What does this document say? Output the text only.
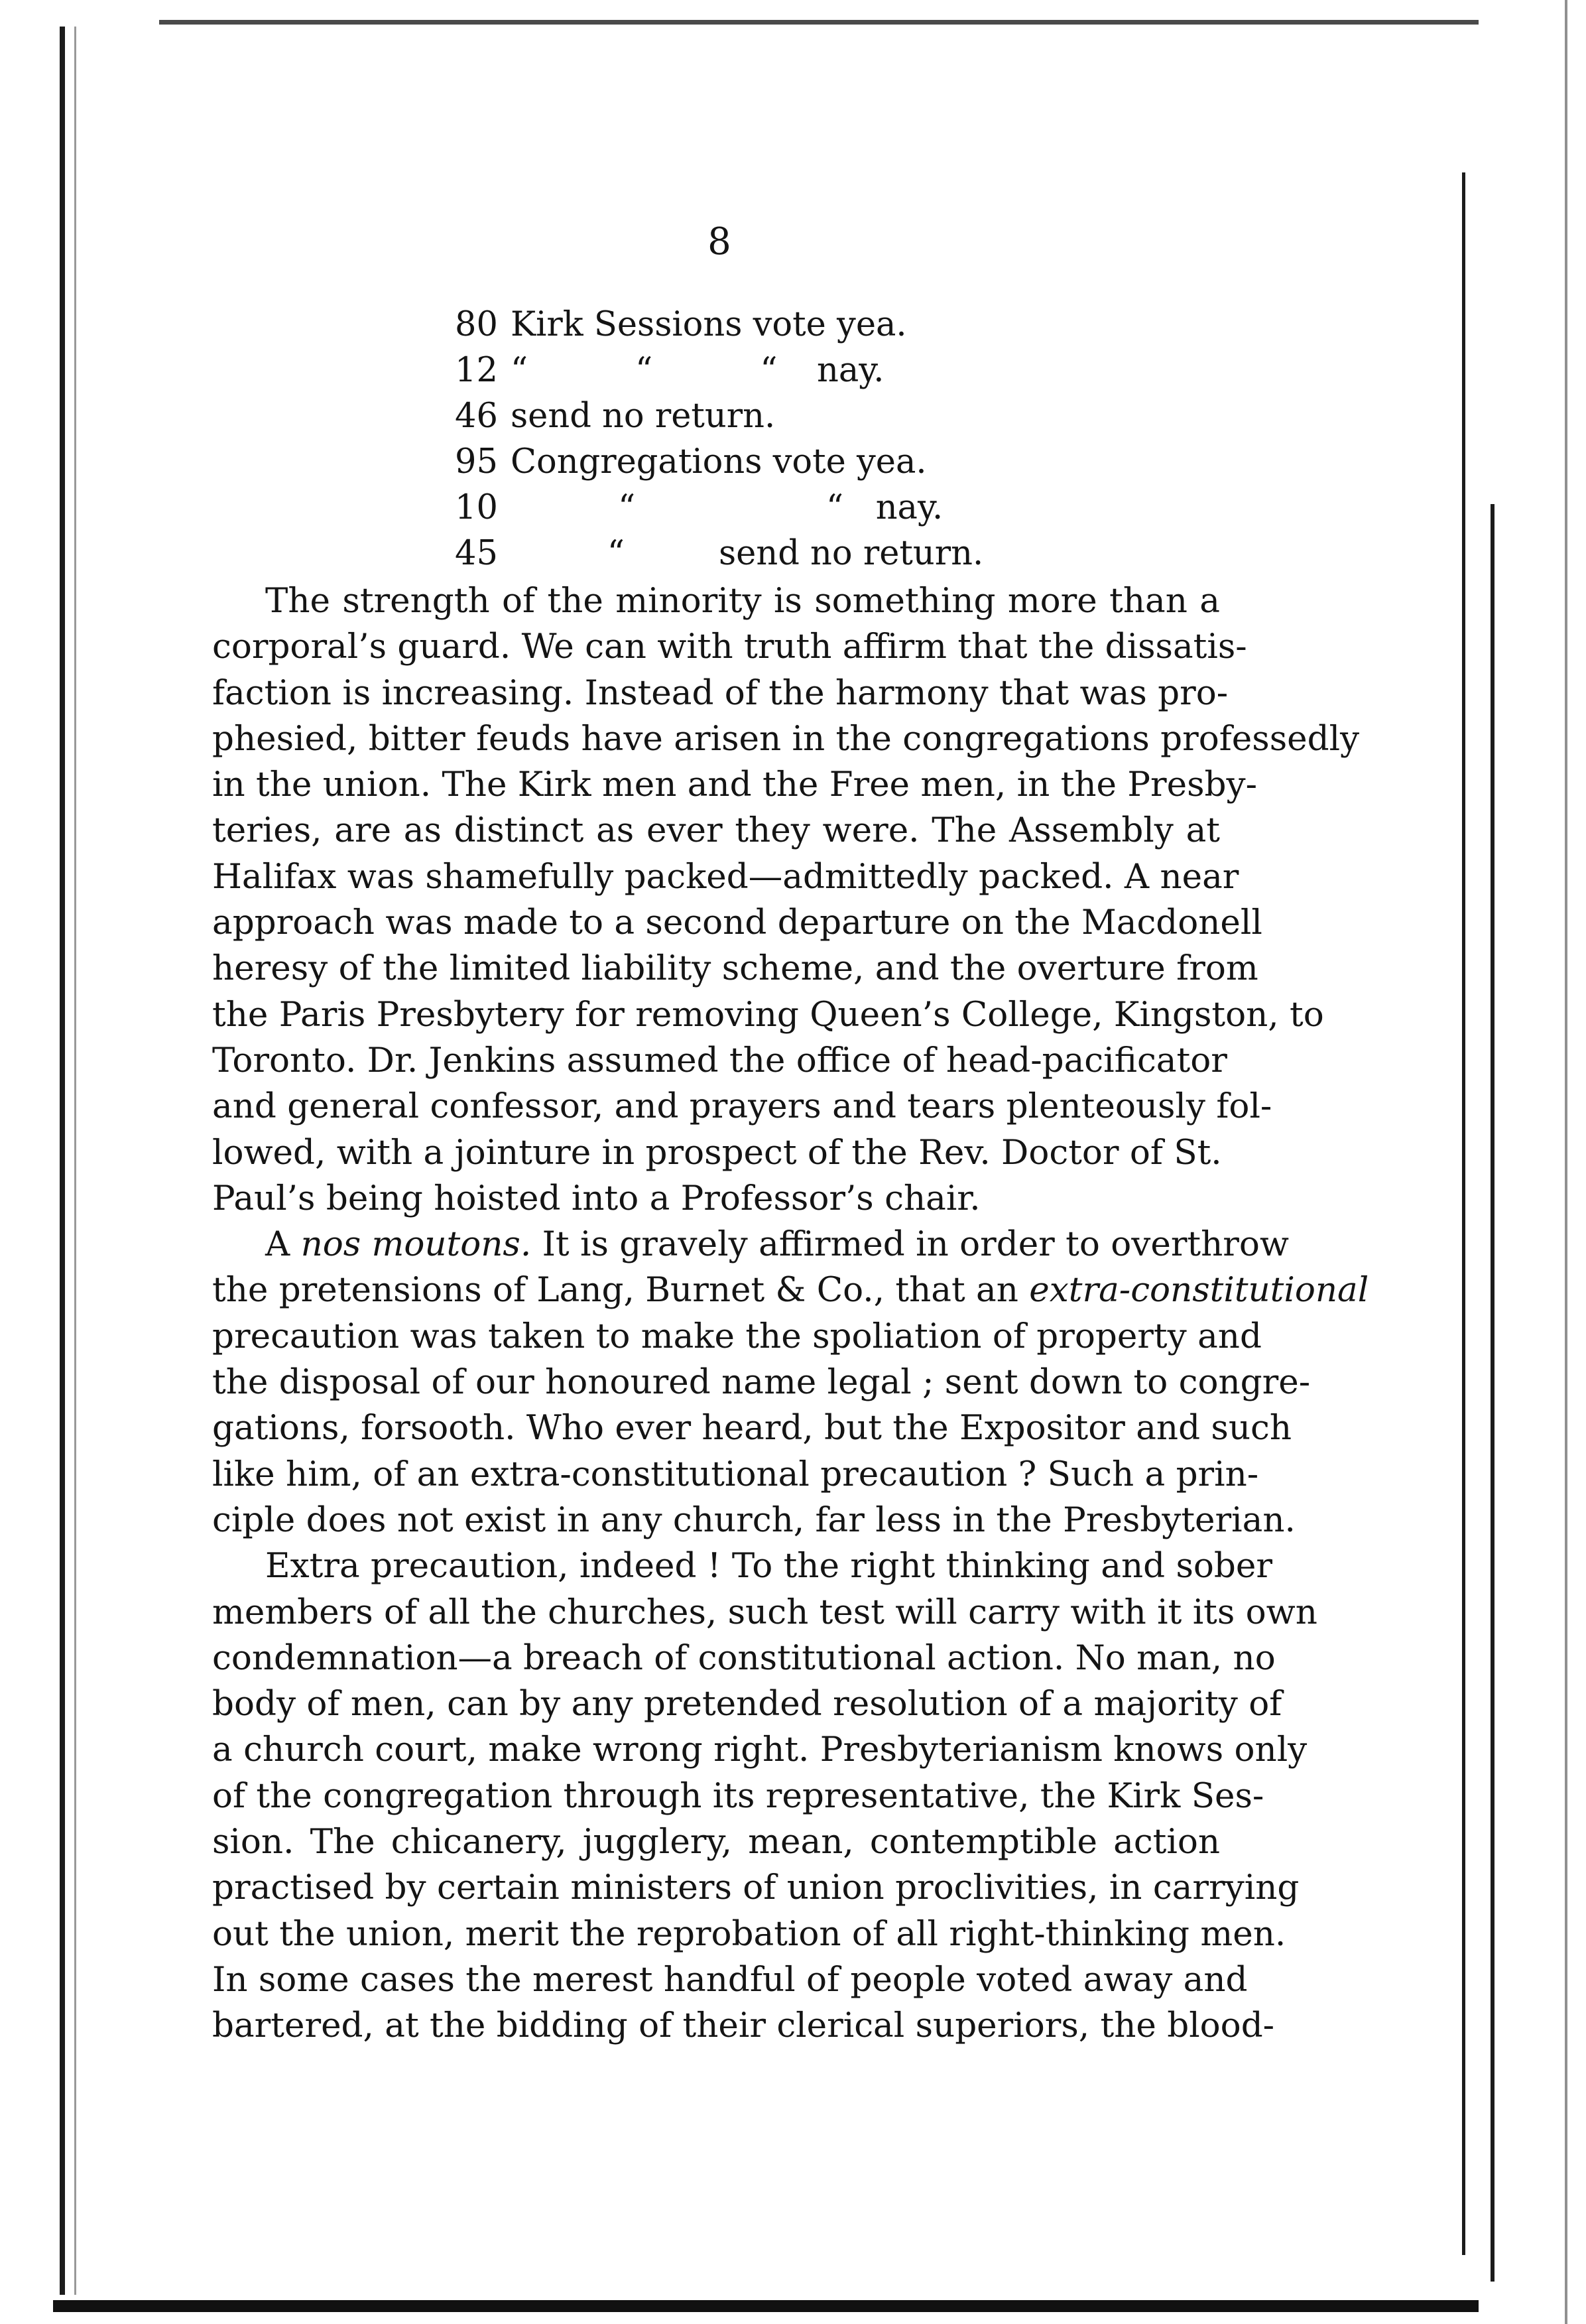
8
80 Kirk Sessions vote yea.
12 “          “          “ nay.
46 send no return.
95 Congregations vote yea.
10 “	“   nay.
45 “	send no return.
The strength of the minority is something more than a
corporal’s guard. We can with truth affirm that the dissatis-
faction is increasing. Instead of the harmony that was pro-
phesied, bitter feuds have arisen in the congregations professedly
in the union. The Kirk men and the Free men, in the Presby-
teries, are as distinct as ever they were. The Assembly at
Halifax was shamefully packed—admittedly packed. A near
approach was made to a second departure on the Macdonell
heresy of the limited liability scheme, and the overture from
the Paris Presbytery for removing Queen’s College, Kingston, to
Toronto. Dr. Jenkins assumed the office of head-pacificator
and general confessor, and prayers and tears plenteously fol-
lowed, with a jointure in prospect of the Rev. Doctor of St.
Paul’s being hoisted into a Professor’s chair.
A nos moutons. It is gravely affirmed in order to overthrow
the pretensions of Lang, Burnet & Co., that an extra-constitutional
precaution was taken to make the spoliation of property and
the disposal of our honoured name legal ; sent down to congre-
gations, forsooth. Who ever heard, but the Expositor and such
like him, of an extra-constitutional precaution ? Such a prin-
ciple does not exist in any church, far less in the Presbyterian.
Extra precaution, indeed ! To the right thinking and sober
members of all the churches, such test will carry with it its own
condemnation—a breach of constitutional action. No man, no
body of men, can by any pretended resolution of a majority of
a church court, make wrong right. Presbyterianism knows only
of the congregation through its representative, the Kirk Ses-
sion. The chicanery, jugglery, mean, contemptible action
practised by certain ministers of union proclivities, in carrying
out the union, merit the reprobation of all right-thinking men.
In some cases the merest handful of people voted away and
bartered, at the bidding of their clerical superiors, the blood-
